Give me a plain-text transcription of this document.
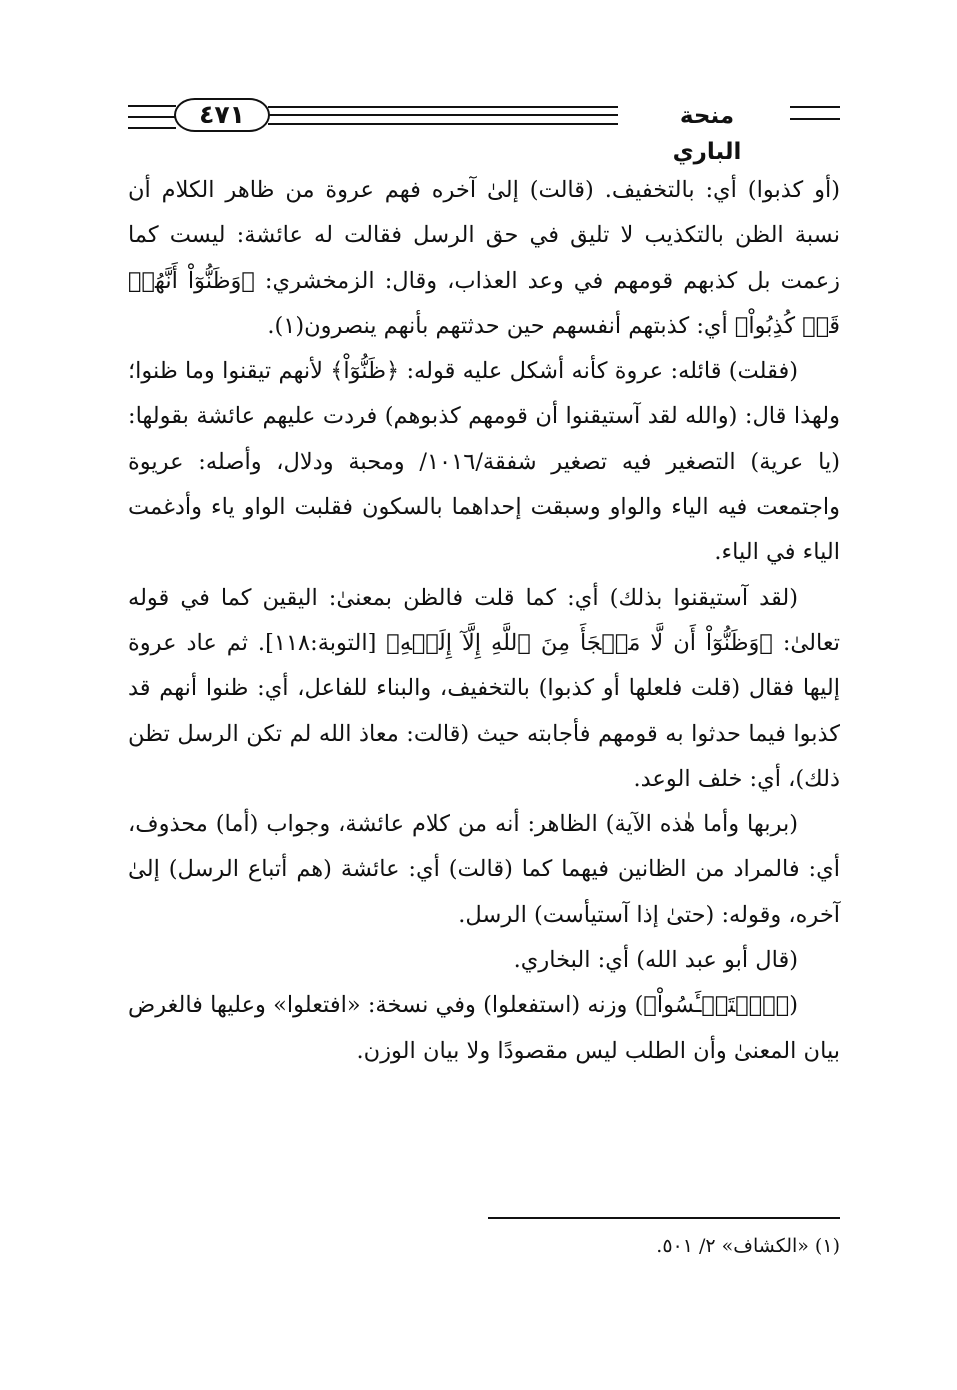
٤٧١	منحة الباري

(أو كذبوا) أي: بالتخفيف. (قالت) إلىٰ آخره فهم عروة من ظاهر الكلام أن نسبة الظن بالتكذيب لا تليق في حق الرسل فقالت له عائشة: ليست كما زعمت بل كذبهم قومهم في وعد العذاب، وقال: الزمخشري: ﴿وَظَنُّوٓاْ أَنَّهُمۡ قَدۡ كُذِبُواْ﴾ أي: كذبتهم أنفسهم حين حدثتهم بأنهم ينصرون(١).

(فقلت) قائله: عروة كأنه أشكل عليه قوله: ﴿ظَنُّوٓاْ﴾ لأنهم تيقنوا وما ظنوا؛ ولهذا قال: (والله لقد آستيقنوا أن قومهم كذبوهم) فردت عليهم عائشة بقولها: (يا عرية) التصغير فيه تصغير شفقة/١٠١٦/ ومحبة ودلال، وأصله: عريوة واجتمعت فيه الياء والواو وسبقت إحداهما بالسكون فقلبت الواو ياء وأدغمت الياء في الياء.

(لقد آستيقنوا بذلك) أي: كما قلت فالظن بمعنىٰ: اليقين كما في قوله تعالىٰ: ﴿وَظَنُّوٓاْ أَن لَّا مَلۡجَأَ مِنَ ٱللَّهِ إِلَّآ إِلَيۡهِ﴾ [التوبة:١١٨]. ثم عاد عروة إليها فقال (قلت فلعلها أو كذبوا) بالتخفيف، والبناء للفاعل، أي: ظنوا أنهم قد كذبوا فيما حدثوا به قومهم فأجابته حيث (قالت: معاذ الله لم تكن الرسل تظن ذلك)، أي: خلف الوعد.

(بربها وأما هٰذه الآية) الظاهر: أنه من كلام عائشة، وجواب (أما) محذوف، أي: فالمراد من الظانين فيهما كما (قالت) أي: عائشة (هم أتباع الرسل) إلىٰ آخره، وقوله: (حتىٰ إذا آستيأست) الرسل.

(قال أبو عبد الله) أي: البخاري.

(﴿ٱسۡتَيۡـَٔسُواْ﴾) وزنه (استفعلوا) وفي نسخة: «افتعلوا» وعليها فالغرض بيان المعنىٰ وأن الطلب ليس مقصودًا ولا بيان الوزن.

(١) «الكشاف» ٢/ ٥٠١.
